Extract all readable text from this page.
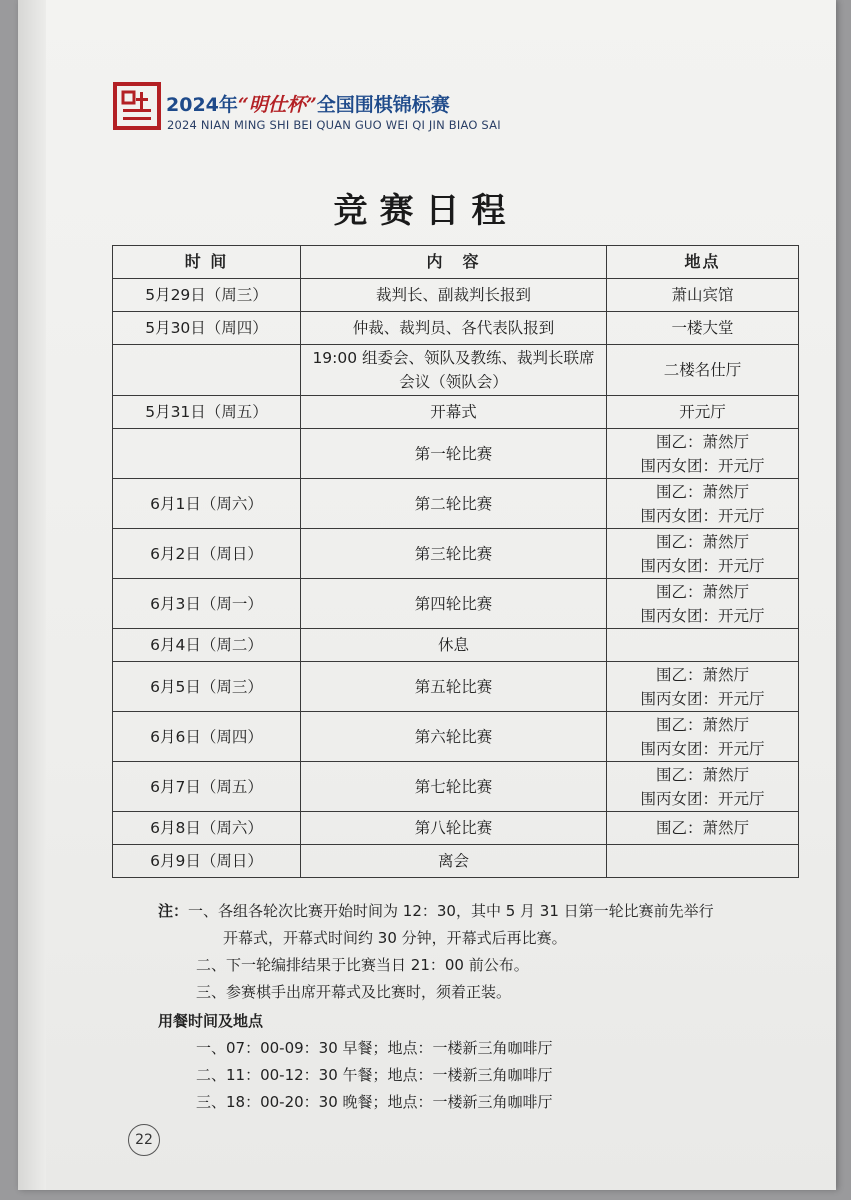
2024年“明仕杯”全国围棋锦标赛
2024 NIAN MING SHI BEI QUAN GUO WEI QI JIN BIAO SAI
竞赛日程
时 间	内　容	地点
5月29日（周三）	裁判长、副裁判长报到	萧山宾馆

5月30日（周四）	仲裁、裁判员、各代表队报到	一楼大堂

	19:00 组委会、领队及教练、裁判长联席会议（领队会）	二楼名仕厅

5月31日（周五）	开幕式	开元厅

	第一轮比赛	围乙：萧然厅
围丙女团：开元厅

6月1日（周六）	第二轮比赛	围乙：萧然厅
围丙女团：开元厅

6月2日（周日）	第三轮比赛	围乙：萧然厅
围丙女团：开元厅

6月3日（周一）	第四轮比赛	围乙：萧然厅
围丙女团：开元厅

6月4日（周二）	休息	

6月5日（周三）	第五轮比赛	围乙：萧然厅
围丙女团：开元厅

6月6日（周四）	第六轮比赛	围乙：萧然厅
围丙女团：开元厅

6月7日（周五）	第七轮比赛	围乙：萧然厅
围丙女团：开元厅

6月8日（周六）	第八轮比赛	围乙：萧然厅

6月9日（周日）	离会	
注：一、各组各轮次比赛开始时间为 12：30，其中 5 月 31 日第一轮比赛前先举行
开幕式，开幕式时间约 30 分钟，开幕式后再比赛。
二、下一轮编排结果于比赛当日 21：00 前公布。
三、参赛棋手出席开幕式及比赛时，须着正装。
用餐时间及地点
一、07：00-09：30 早餐；地点：一楼新三角咖啡厅
二、11：00-12：30 午餐；地点：一楼新三角咖啡厅
三、18：00-20：30 晚餐；地点：一楼新三角咖啡厅
22
